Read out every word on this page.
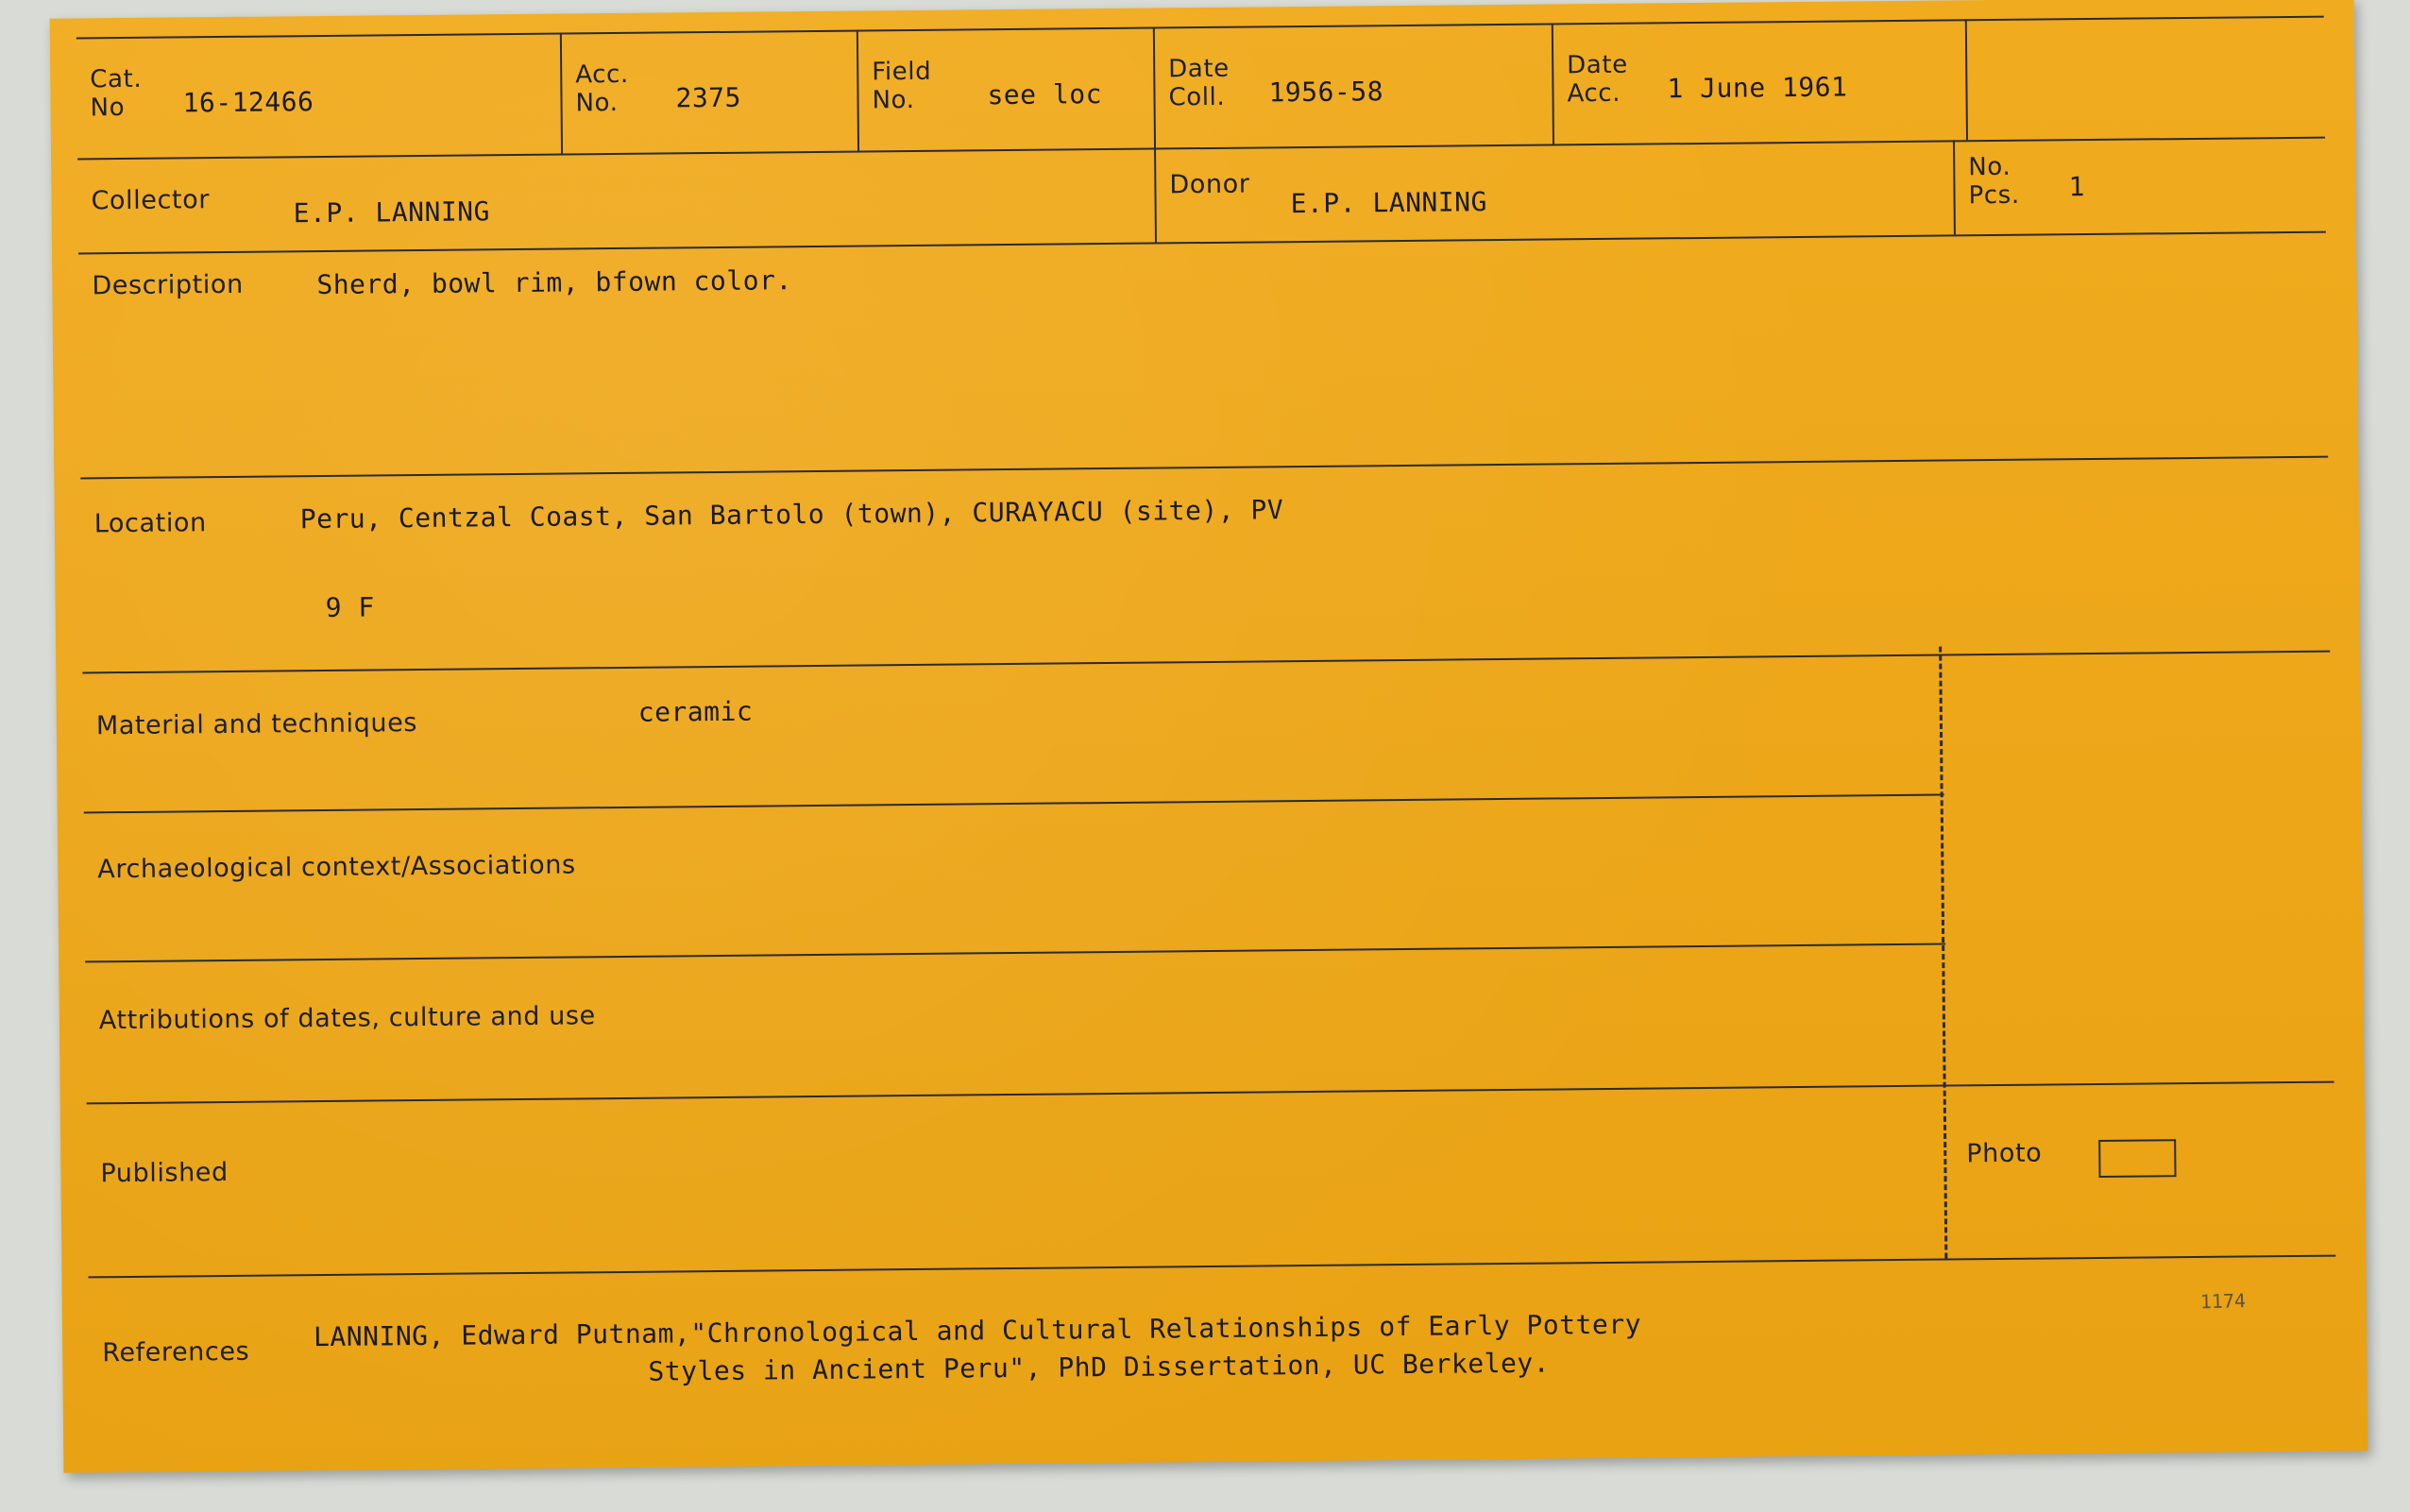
Cat.
No	16-12466
Acc.
No.	2375
Field
No.	see loc
Date
Coll. 1956-58
Date
Acc. 1 June 1961
Collector	E.P. LANNING
Donor
E.P. LANNING
No.
Pcs. 1
Description	Sherd, bowl rim, bfown color.
Location	Peru, Centzal Coast, San Bartolo (town), CURAYACU (site), PV
9 F
Material and techniques	ceramic
Archaeological context/Associations
Attributions of dates, culture and use
Published
Photo
References LANNING, Edward Putnam,"Chronological and Cultural Relationships of Early Pottery
Styles in Ancient Peru", PhD Dissertation, UC Berkeley.
1174
